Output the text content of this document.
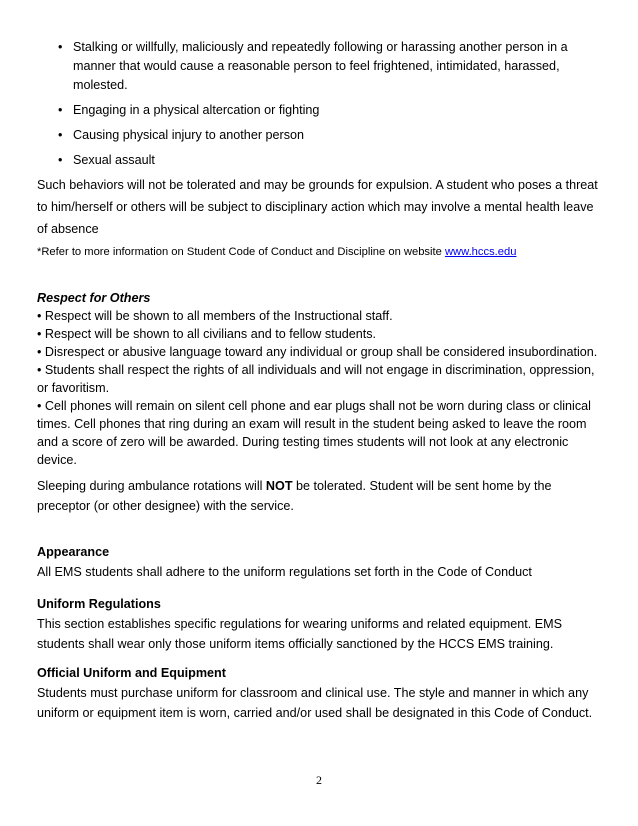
• Stalking or willfully, maliciously and repeatedly following or harassing another person in a manner that would cause a reasonable person to feel frightened, intimidated, harassed, molested.
• Engaging in a physical altercation or fighting
• Causing physical injury to another person
• Sexual assault

Such behaviors will not be tolerated and may be grounds for expulsion. A student who poses a threat to him/herself or others will be subject to disciplinary action which may involve a mental health leave of absence

*Refer to more information on Student Code of Conduct and Discipline on website www.hccs.edu

Respect for Others
• Respect will be shown to all members of the Instructional staff.
• Respect will be shown to all civilians and to fellow students.
• Disrespect or abusive language toward any individual or group shall be considered insubordination.
• Students shall respect the rights of all individuals and will not engage in discrimination, oppression, or favoritism.
• Cell phones will remain on silent cell phone and ear plugs shall not be worn during class or clinical times. Cell phones that ring during an exam will result in the student being asked to leave the room and a score of zero will be awarded. During testing times students will not look at any electronic device.

Sleeping during ambulance rotations will NOT be tolerated. Student will be sent home by the preceptor (or other designee) with the service.

Appearance
All EMS students shall adhere to the uniform regulations set forth in the Code of Conduct
Uniform Regulations
This section establishes specific regulations for wearing uniforms and related equipment. EMS students shall wear only those uniform items officially sanctioned by the HCCS EMS training.
Official Uniform and Equipment
Students must purchase uniform for classroom and clinical use. The style and manner in which any uniform or equipment item is worn, carried and/or used shall be designated in this Code of Conduct.
2
